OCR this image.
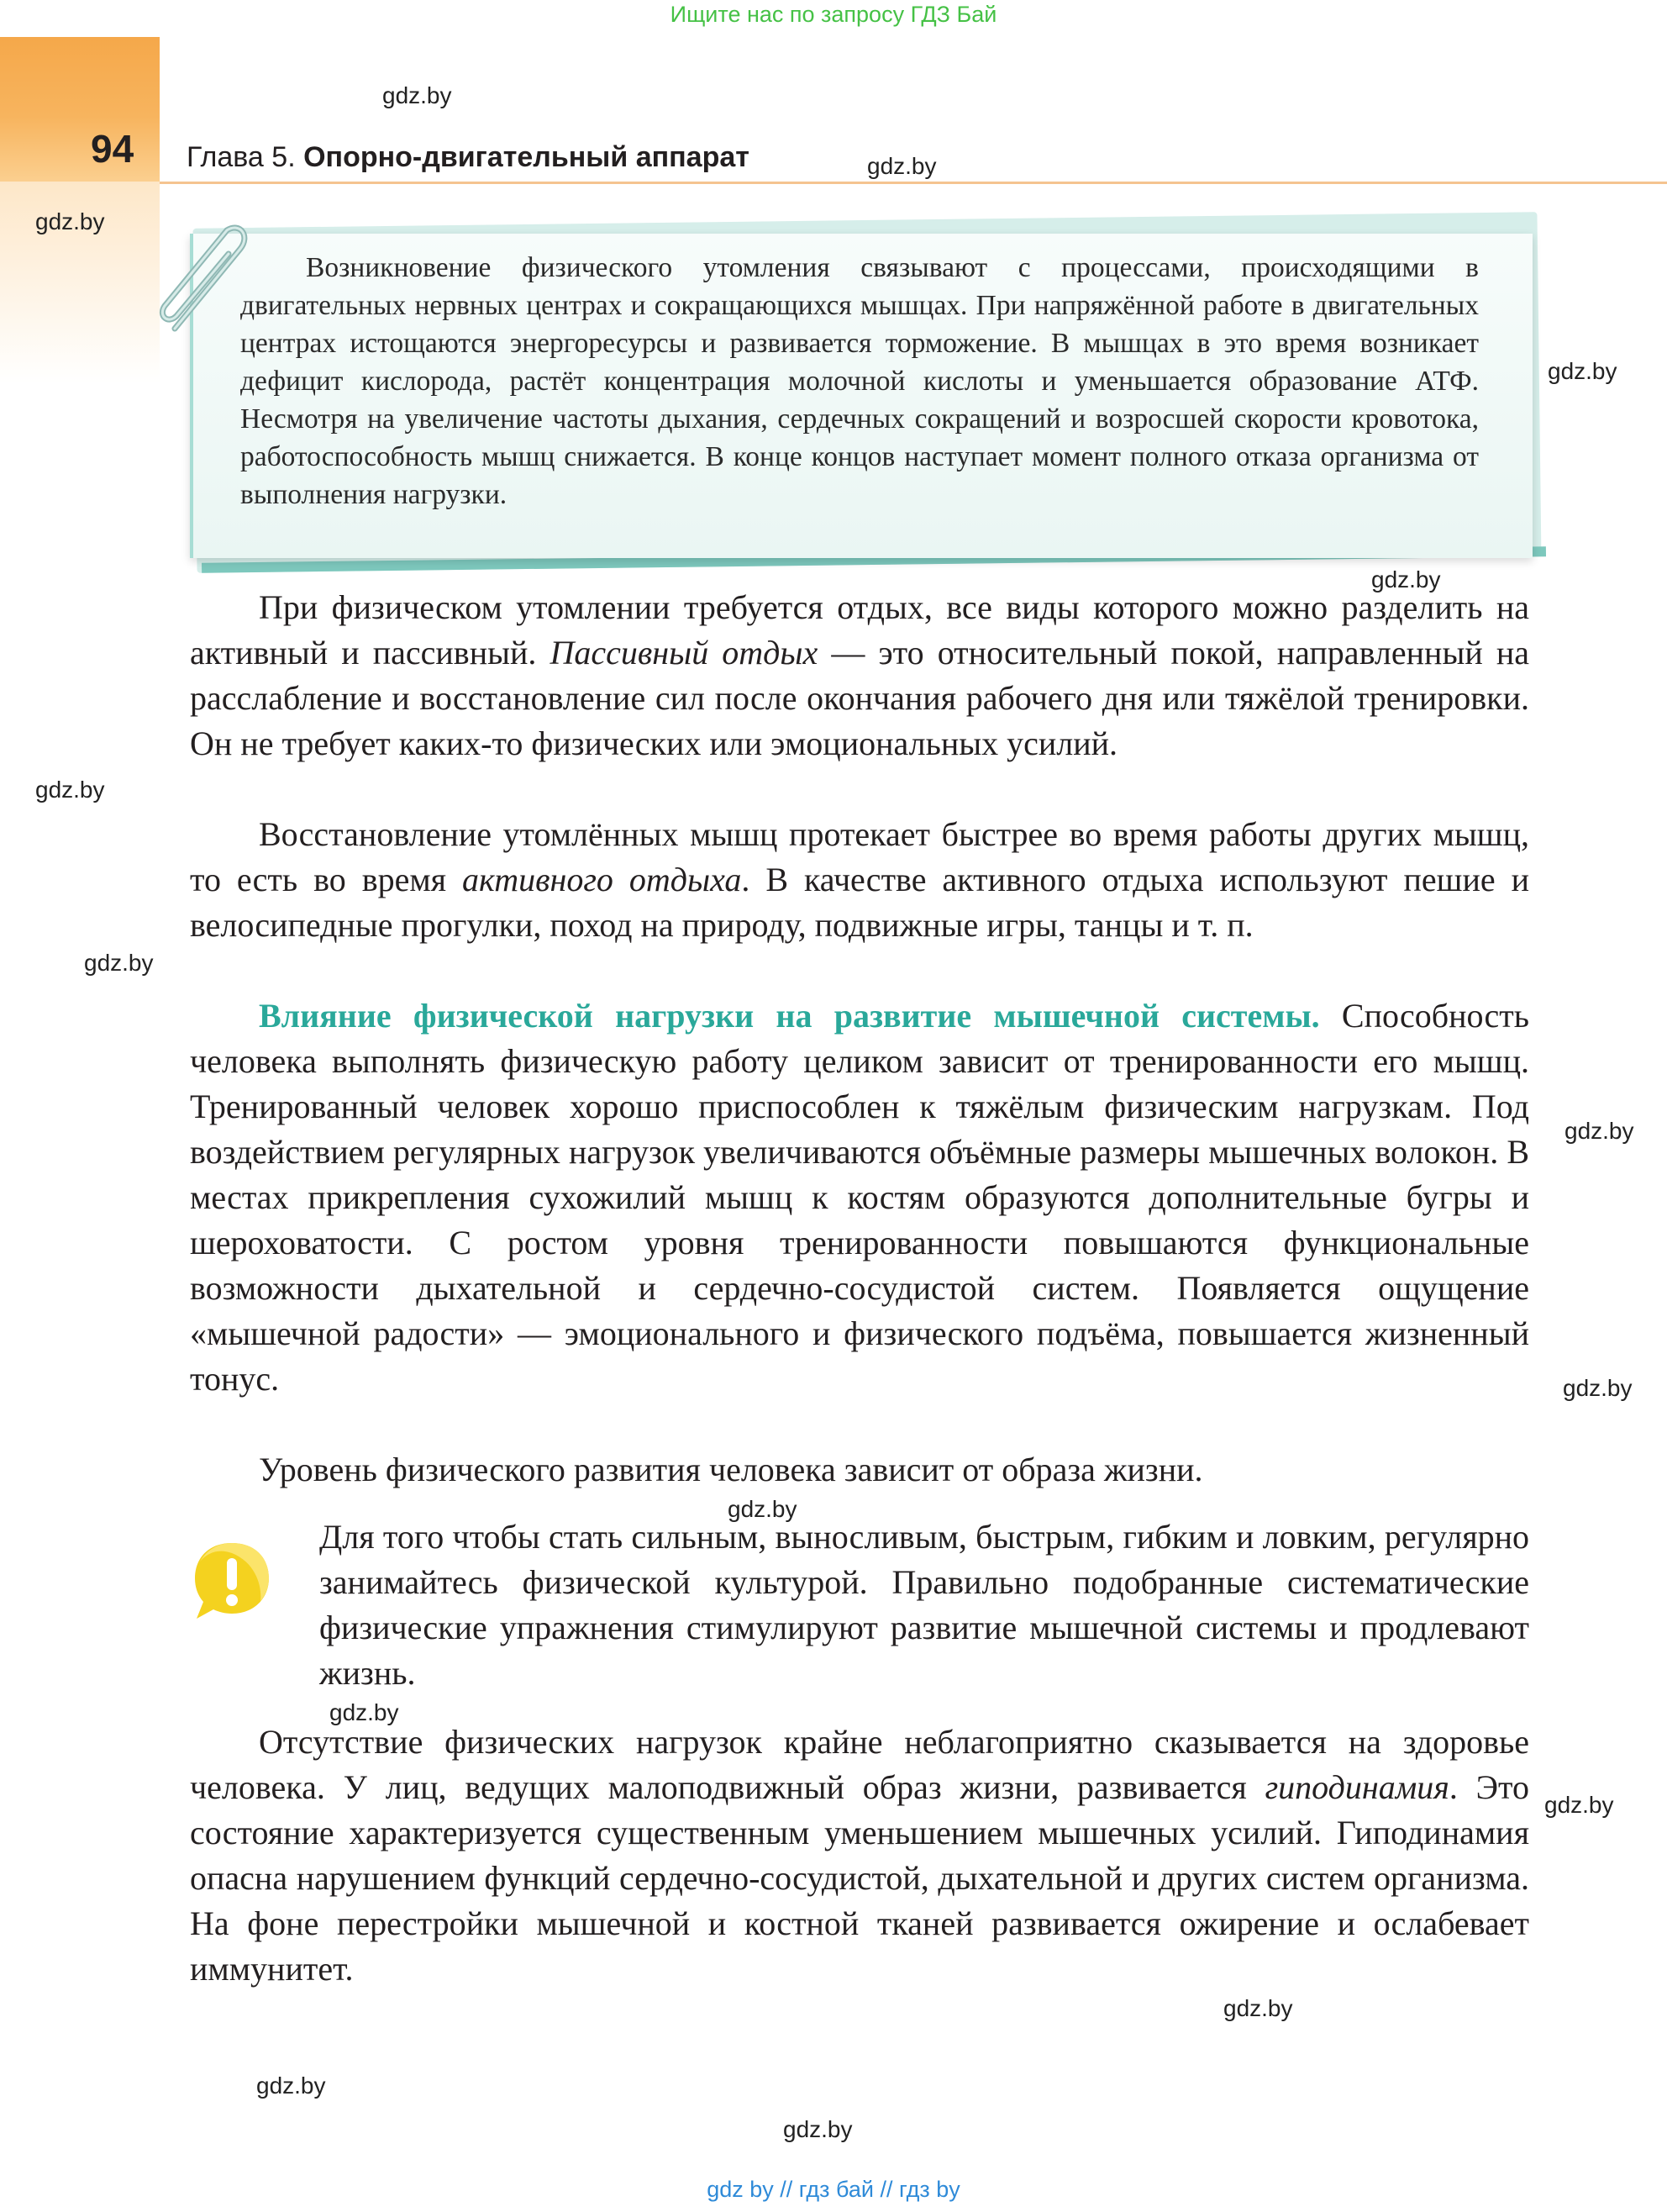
Ищите нас по запросу ГДЗ Бай
94 Глава 5. Опорно-двигательный аппарат
gdz.by
gdz.by
gdz.by
gdz.by
gdz.by
gdz.by
gdz.by
gdz.by
gdz.by
gdz.by
gdz.by
gdz.by
gdz.by
gdz.by
gdz.by
Возникновение физического утомления связывают с процессами, происходящими в двигательных нервных центрах и сокращающихся мышцах. При напряжённой работе в двигательных центрах истощаются энергоресурсы и развивается торможение. В мышцах в это время возникает дефицит кислорода, растёт концентрация молочной кислоты и уменьшается образование АТФ. Несмотря на увеличение частоты дыхания, сердечных сокращений и возросшей скорости кровотока, работоспособность мышц снижается. В конце концов наступает момент полного отказа организма от выполнения нагрузки.
При физическом утомлении требуется отдых, все виды которого можно разделить на активный и пассивный. Пассивный отдых — это относительный покой, направленный на расслабление и восстановление сил после окончания рабочего дня или тяжёлой тренировки. Он не требует каких-то физических или эмоциональных усилий.
Восстановление утомлённых мышц протекает быстрее во время работы других мышц, то есть во время активного отдыха. В качестве активного отдыха используют пешие и велосипедные прогулки, поход на природу, подвижные игры, танцы и т. п.
Влияние физической нагрузки на развитие мышечной системы. Способность человека выполнять физическую работу целиком зависит от тренированности его мышц. Тренированный человек хорошо приспособлен к тяжёлым физическим нагрузкам. Под воздействием регулярных нагрузок увеличиваются объёмные размеры мышечных волокон. В местах прикрепления сухожилий мышц к костям образуются дополнительные бугры и шероховатости. С ростом уровня тренированности повышаются функциональные возможности дыхательной и сердечно-сосудистой систем. Появляется ощущение «мышечной радости» — эмоционального и физического подъёма, повышается жизненный тонус.
Уровень физического развития человека зависит от образа жизни.
Для того чтобы стать сильным, выносливым, быстрым, гибким и ловким, регулярно занимайтесь физической культурой. Правильно подобранные систематические физические упражнения стимулируют развитие мышечной системы и продлевают жизнь.
Отсутствие физических нагрузок крайне неблагоприятно сказывается на здоровье человека. У лиц, ведущих малоподвижный образ жизни, развивается гиподинамия. Это состояние характеризуется существенным уменьшением мышечных усилий. Гиподинамия опасна нарушением функций сердечно-сосудистой, дыхательной и других систем организма. На фоне перестройки мышечной и костной тканей развивается ожирение и ослабевает иммунитет.
gdz by // гдз бай // гдз by
